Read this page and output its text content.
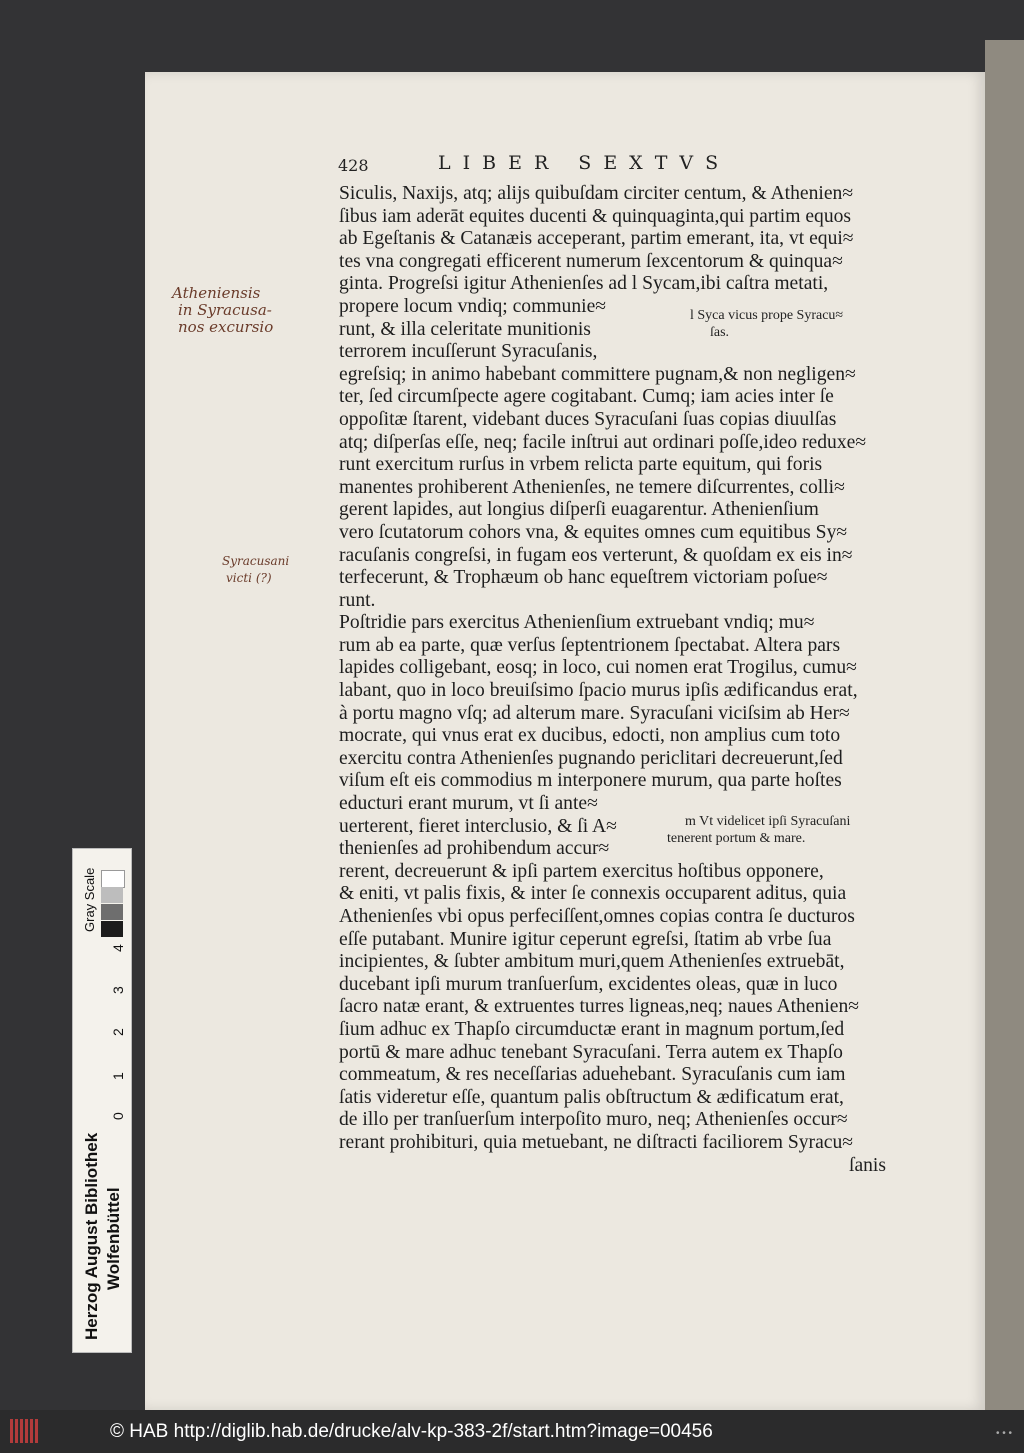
428	LIBER SEXTVS
Siculis, Naxijs, atq; alijs quibuſdam circiter centum, & Athenien≈
ſibus iam aderāt equites ducenti & quinquaginta,qui partim equos
ab Egeſtanis & Catanæis acceperant, partim emerant, ita, vt equi≈
tes vna congregati efficerent numerum ſexcentorum & quinqua≈
ginta. Progreſsi igitur Athenienſes ad l Sycam,ibi caſtra metati,
propere locum vndiq; communie≈
runt, & illa celeritate munitionis
terrorem incuſſerunt Syracuſanis,
egreſsiq; in animo habebant committere pugnam,& non negligen≈
ter, ſed circumſpecte agere cogitabant. Cumq; iam acies inter ſe
oppoſitæ ſtarent, videbant duces Syracuſani ſuas copias diuulſas
atq; diſperſas eſſe, neq; facile inſtrui aut ordinari poſſe,ideo reduxe≈
runt exercitum rurſus in vrbem relicta parte equitum, qui foris
manentes prohiberent Athenienſes, ne temere diſcurrentes, colli≈
gerent lapides, aut longius diſperſi euagarentur. Athenienſium
vero ſcutatorum cohors vna, & equites omnes cum equitibus Sy≈
racuſanis congreſsi, in fugam eos verterunt, & quoſdam ex eis in≈
terfecerunt, & Trophæum ob hanc equeſtrem victoriam poſue≈
runt.
Poſtridie pars exercitus Athenienſium extruebant vndiq; mu≈
rum ab ea parte, quæ verſus ſeptentrionem ſpectabat. Altera pars
lapides colligebant, eosq; in loco, cui nomen erat Trogilus, cumu≈
labant, quo in loco breuiſsimo ſpacio murus ipſis ædificandus erat,
à portu magno vſq; ad alterum mare. Syracuſani viciſsim ab Her≈
mocrate, qui vnus erat ex ducibus, edocti, non amplius cum toto
exercitu contra Athenienſes pugnando periclitari decreuerunt,ſed
viſum eſt eis commodius m interponere murum, qua parte hoſtes
educturi erant murum, vt ſi ante≈
uerterent, fieret interclusio, & ſi A≈
thenienſes ad prohibendum accur≈
rerent, decreuerunt & ipſi partem exercitus hoſtibus opponere,
& eniti, vt palis fixis, & inter ſe connexis occuparent aditus, quia
Athenienſes vbi opus perfeciſſent,omnes copias contra ſe ducturos
eſſe putabant. Munire igitur ceperunt egreſsi, ſtatim ab vrbe ſua
incipientes, & ſubter ambitum muri,quem Athenienſes extruebāt,
ducebant ipſi murum tranſuerſum, excidentes oleas, quæ in luco
ſacro natæ erant, & extruentes turres ligneas,neq; naues Athenien≈
ſium adhuc ex Thapſo circumductæ erant in magnum portum,ſed
portū & mare adhuc tenebant Syracuſani. Terra autem ex Thapſo
commeatum, & res neceſſarias aduehebant. Syracuſanis cum iam
ſatis videretur eſſe, quantum palis obſtructum & ædificatum erat,
de illo per tranſuerſum interpoſito muro, neq; Athenienſes occur≈
rerant prohibituri, quia metuebant, ne diſtracti faciliorem Syracu≈
ſanis
l Syca vicus prope Syracu≈
ſas.
m Vt videlicet ipſi Syracuſani
tenerent portum & mare.
Atheniensis
in Syracusa-
nos excursio
Syracusani
victi (?)
Gray Scale
Herzog August Bibliothek Wolfenbüttel
0
1
2
3
4
© HAB http://diglib.hab.de/drucke/alv-kp-383-2f/start.htm?image=00456	• • •
